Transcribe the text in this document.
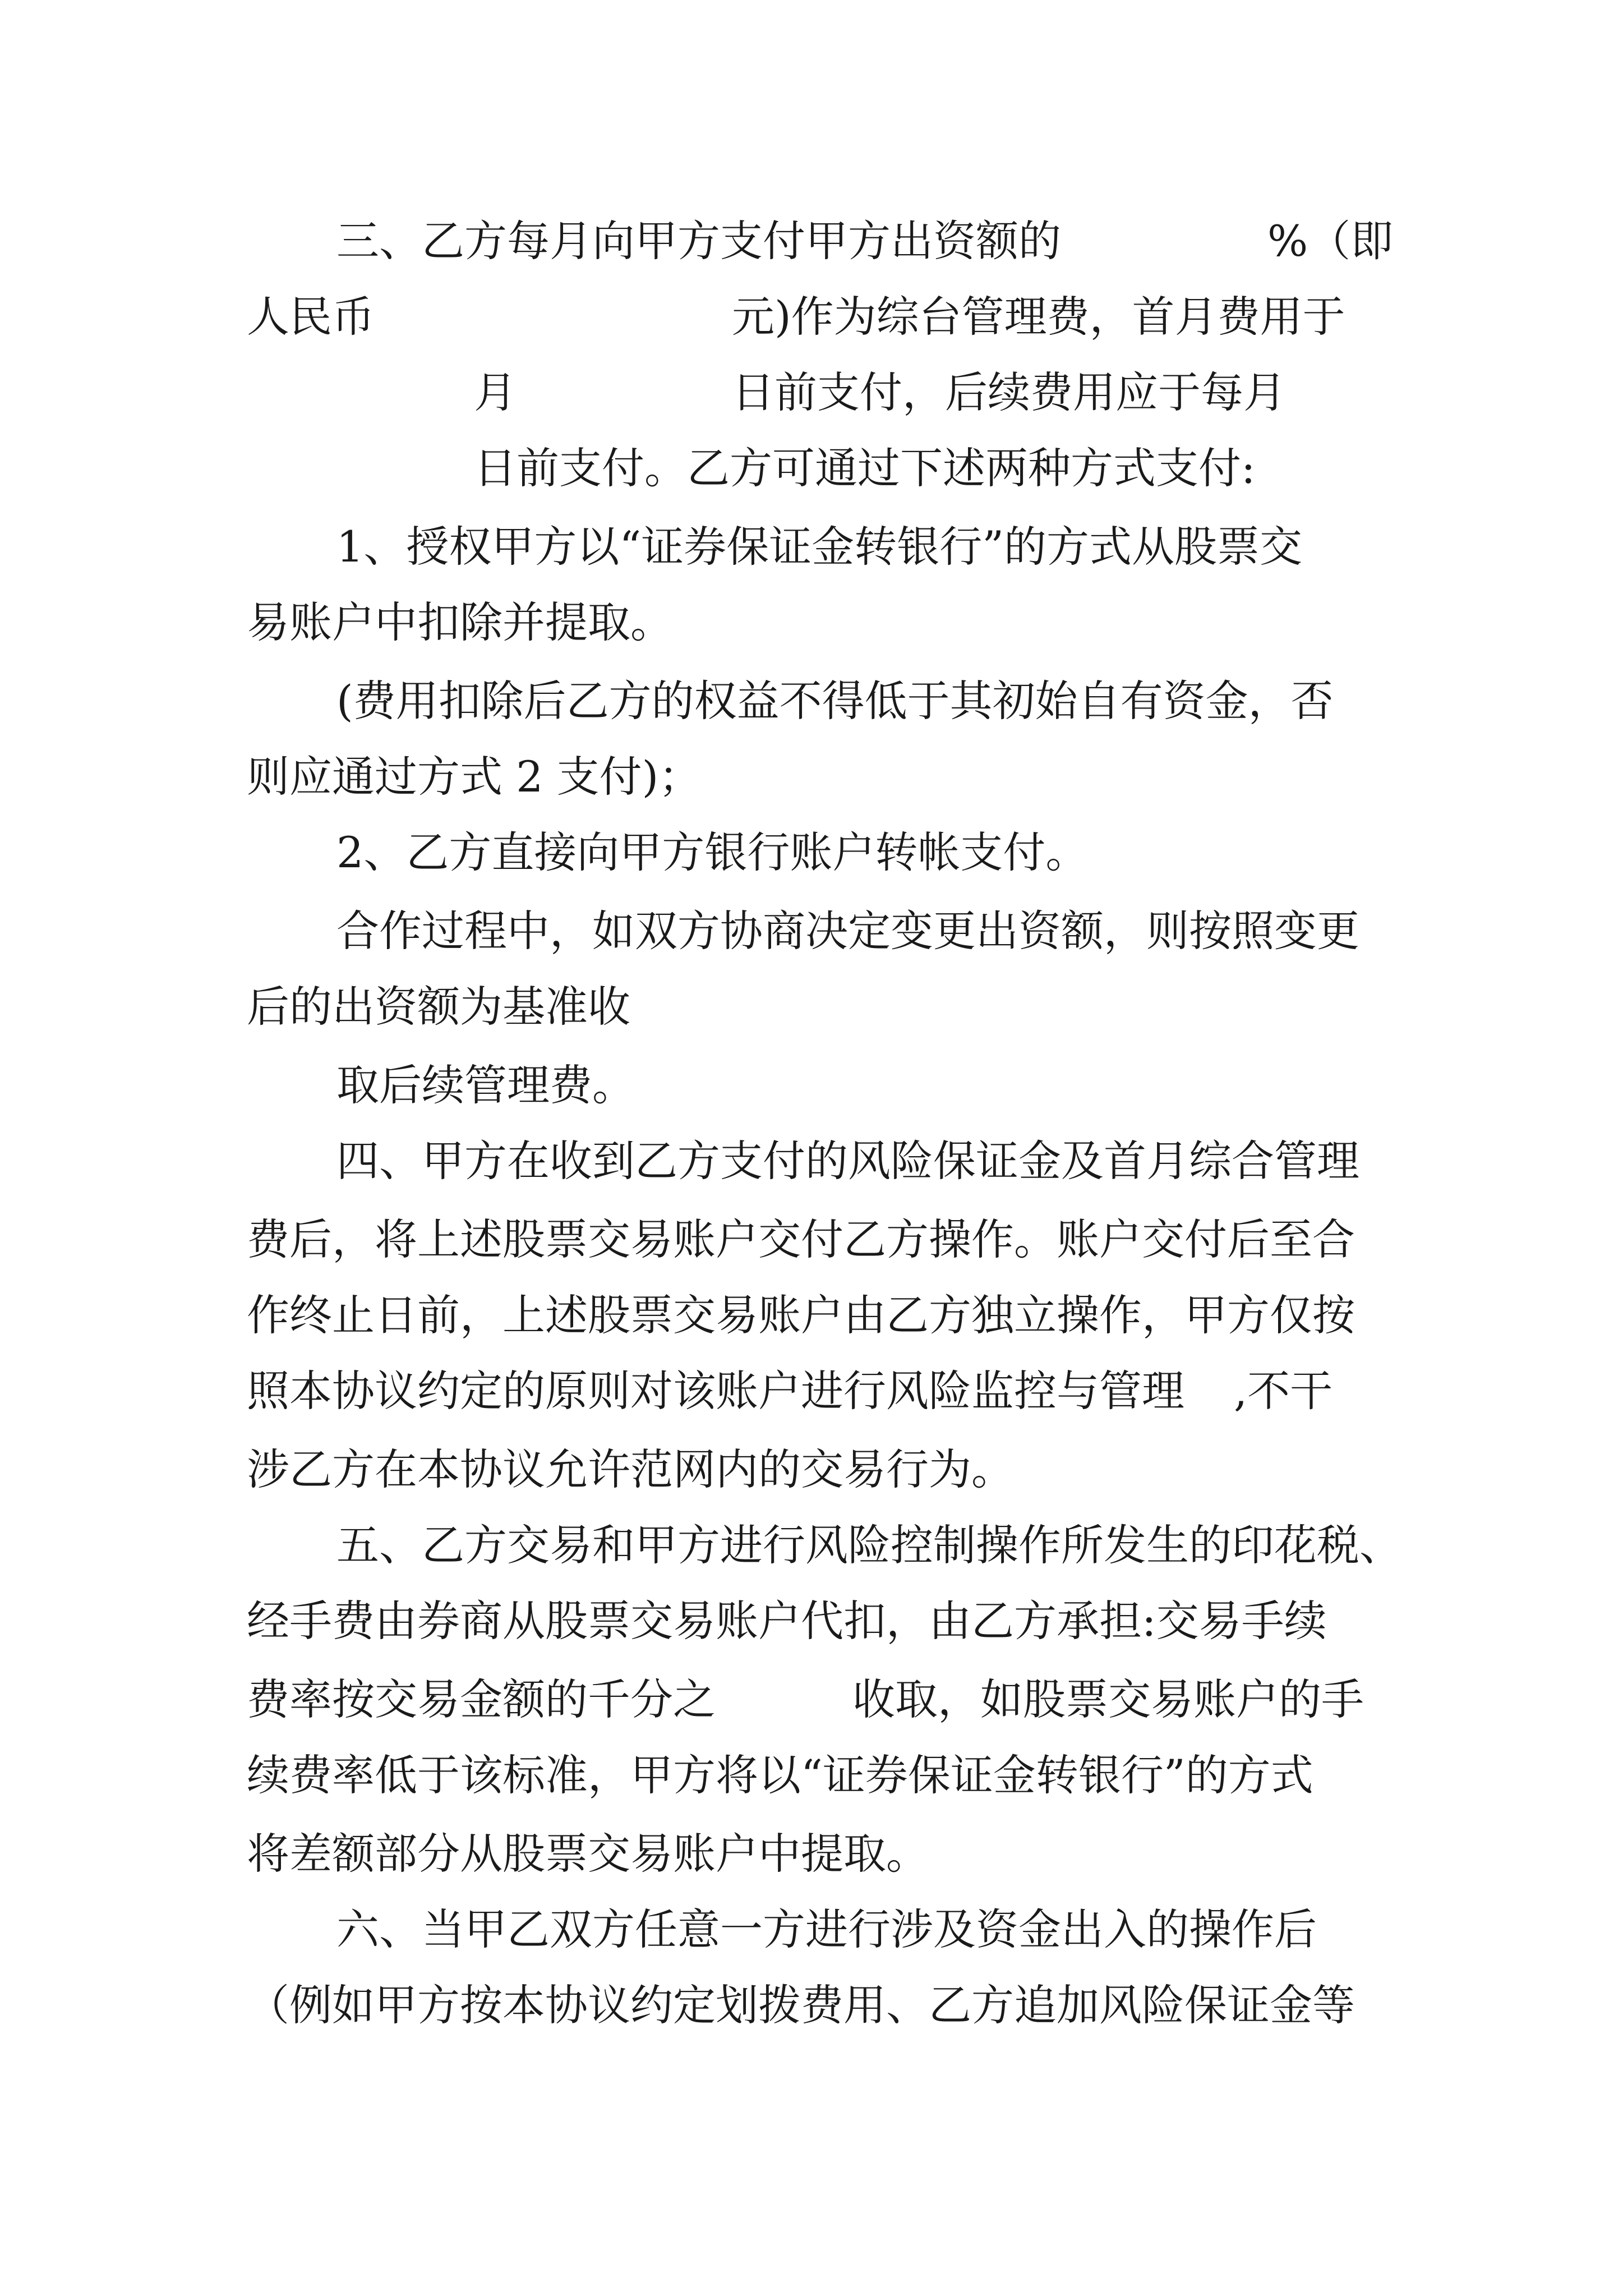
三、乙方每月向甲方支付甲方出资额的	%（即
人民币	元)作为综台管理费，首月费用于
月	日前支付，后续费用应于每月
日前支付。乙方可通过下述两种方式支付:
1、授权甲方以“证券保证金转银行”的方式从股票交
易账户中扣除并提取。
(费用扣除后乙方的权益不得低于其初始自有资金，否
则应通过方式 2 支付)；
2、乙方直接向甲方银行账户转帐支付。
合作过程中，如双方协商决定变更出资额，则按照变更
后的出资额为基准收
取后续管理费。
四、甲方在收到乙方支付的风险保证金及首月综合管理
费后，将上述股票交易账户交付乙方操作。账户交付后至合
作终止日前，上述股票交易账户由乙方独立操作，甲方仅按
照本协议约定的原则对该账户进行风险监控与管理 ,不干
涉乙方在本协议允许范网内的交易行为。
五、乙方交易和甲方进行风险控制操作所发生的印花税、
经手费由券商从股票交易账户代扣，由乙方承担:交易手续
费率按交易金额的千分之	收取，如股票交易账户的手
续费率低于该标准，甲方将以“证券保证金转银行”的方式
将差额部分从股票交易账户中提取。
六、当甲乙双方任意一方进行涉及资金出入的操作后
（例如甲方按本协议约定划拨费用、乙方追加风险保证金等
